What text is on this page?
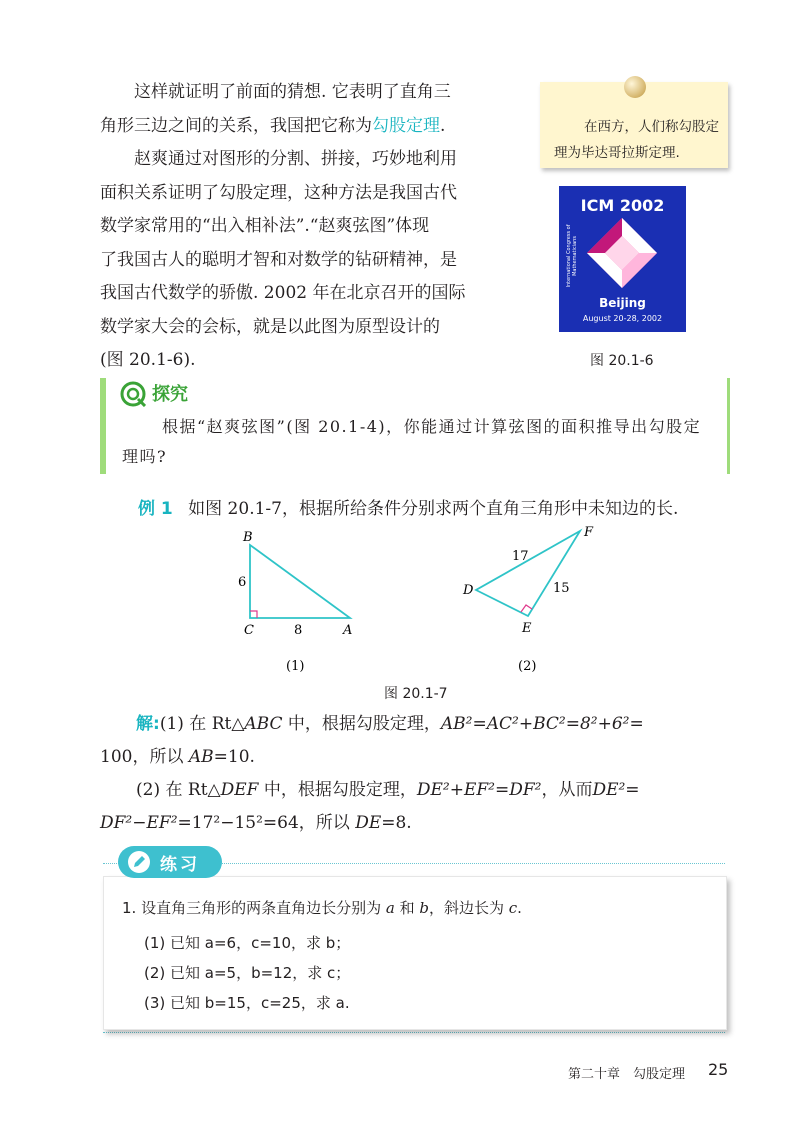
这样就证明了前面的猜想. 它表明了直角三

角形三边之间的关系，我国把它称为勾股定理.

赵爽通过对图形的分割、拼接，巧妙地利用

面积关系证明了勾股定理，这种方法是我国古代

数学家常用的“出入相补法”.“赵爽弦图”体现

了我国古人的聪明才智和对数学的钻研精神，是

我国古代数学的骄傲. 2002 年在北京召开的国际

数学家大会的会标，就是以此图为原型设计的

(图 20.1-6).

在西方，人们称勾股定理为毕达哥拉斯定理.
ICM 2002
International Congress of Mathematicians
Beijing
August 20-28, 2002
图 20.1-6
探究
根据“赵爽弦图”(图 20.1-4)，你能通过计算弦图的面积推导出勾股定理吗?
例 1 如图 20.1-7，根据所给条件分别求两个直角三角形中未知边的长.
B
C	A
6
8
(1)
D
E
F
17
15
(2)
图 20.1-7

解:(1) 在 Rt△ABC 中，根据勾股定理，AB²=AC²+BC²=8²+6²=

100，所以 AB=10.

(2) 在 Rt△DEF 中，根据勾股定理，DE²+EF²=DF²，从而DE²=

DF²−EF²=17²−15²=64，所以 DE=8.

练习
1. 设直角三角形的两条直角边长分别为 a 和 b，斜边长为 c.
(1) 已知 a=6，c=10，求 b；
(2) 已知 a=5，b=12，求 c；
(3) 已知 b=15，c=25，求 a.
第二十章　勾股定理 25
